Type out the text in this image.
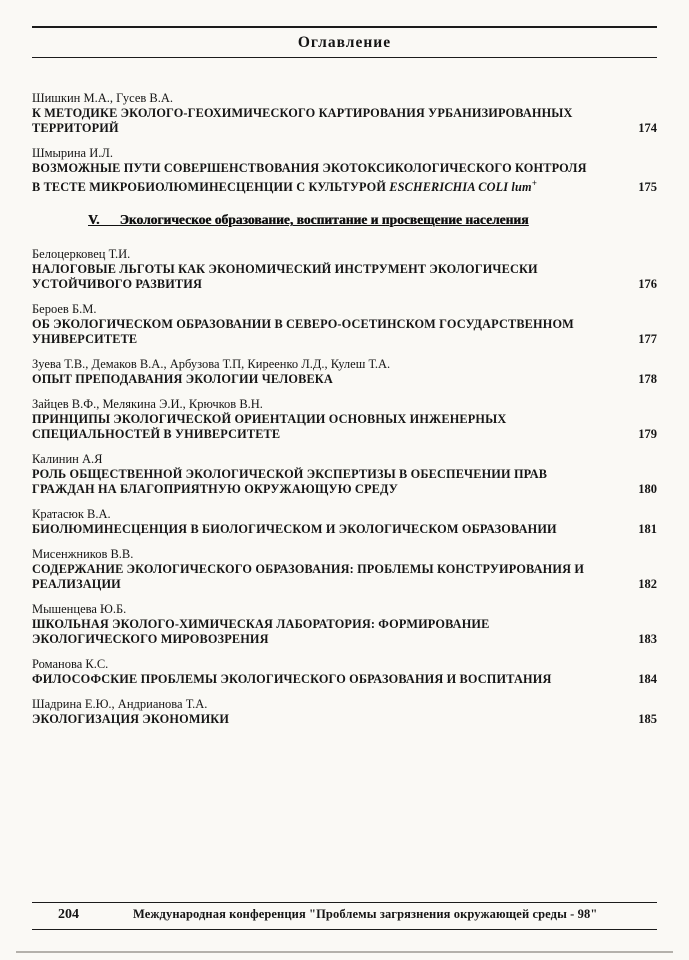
Оглавление
Шишкин М.А., Гусев В.А.
К МЕТОДИКЕ ЭКОЛОГО-ГЕОХИМИЧЕСКОГО КАРТИРОВАНИЯ УРБАНИЗИРОВАННЫХ ТЕРРИТОРИЙ	174
Шмырина И.Л.
ВОЗМОЖНЫЕ ПУТИ СОВЕРШЕНСТВОВАНИЯ ЭКОТОКСИКОЛОГИЧЕСКОГО КОНТРОЛЯ В ТЕСТЕ МИКРОБИОЛЮМИНЕСЦЕНЦИИ С КУЛЬТУРОЙ ESCHERICHIA COLI lum+	175
V.      Экологическое образование, воспитание и просвещение населения
Белоцерковец Т.И.
НАЛОГОВЫЕ ЛЬГОТЫ КАК ЭКОНОМИЧЕСКИЙ ИНСТРУМЕНТ ЭКОЛОГИЧЕСКИ УСТОЙЧИВОГО РАЗВИТИЯ	176
Бероев Б.М.
ОБ ЭКОЛОГИЧЕСКОМ ОБРАЗОВАНИИ В СЕВЕРО-ОСЕТИНСКОМ ГОСУДАРСТВЕННОМ УНИВЕРСИТЕТЕ	177
Зуева Т.В., Демаков В.А., Арбузова Т.П, Киреенко Л.Д., Кулеш Т.А.
ОПЫТ ПРЕПОДАВАНИЯ ЭКОЛОГИИ ЧЕЛОВЕКА	178
Зайцев В.Ф., Мелякина Э.И., Крючков В.Н.
ПРИНЦИПЫ ЭКОЛОГИЧЕСКОЙ ОРИЕНТАЦИИ ОСНОВНЫХ ИНЖЕНЕРНЫХ СПЕЦИАЛЬНОСТЕЙ В УНИВЕРСИТЕТЕ	179
Калинин А.Я
РОЛЬ ОБЩЕСТВЕННОЙ ЭКОЛОГИЧЕСКОЙ ЭКСПЕРТИЗЫ В ОБЕСПЕЧЕНИИ ПРАВ ГРАЖДАН НА БЛАГОПРИЯТНУЮ ОКРУЖАЮЩУЮ СРЕДУ	180
Кратасюк В.А.
БИОЛЮМИНЕСЦЕНЦИЯ В БИОЛОГИЧЕСКОМ И ЭКОЛОГИЧЕСКОМ ОБРАЗОВАНИИ	181
Мисенжников В.В.
СОДЕРЖАНИЕ ЭКОЛОГИЧЕСКОГО ОБРАЗОВАНИЯ: ПРОБЛЕМЫ КОНСТРУИРОВАНИЯ И РЕАЛИЗАЦИИ	182
Мышенцева Ю.Б.
ШКОЛЬНАЯ ЭКОЛОГО-ХИМИЧЕСКАЯ ЛАБОРАТОРИЯ: ФОРМИРОВАНИЕ ЭКОЛОГИЧЕСКОГО МИРОВОЗРЕНИЯ	183
Романова К.С.
ФИЛОСОФСКИЕ ПРОБЛЕМЫ ЭКОЛОГИЧЕСКОГО ОБРАЗОВАНИЯ И ВОСПИТАНИЯ	184
Шадрина Е.Ю., Андрианова Т.А.
ЭКОЛОГИЗАЦИЯ ЭКОНОМИКИ	185
204	Международная конференция "Проблемы загрязнения окружающей среды - 98"
